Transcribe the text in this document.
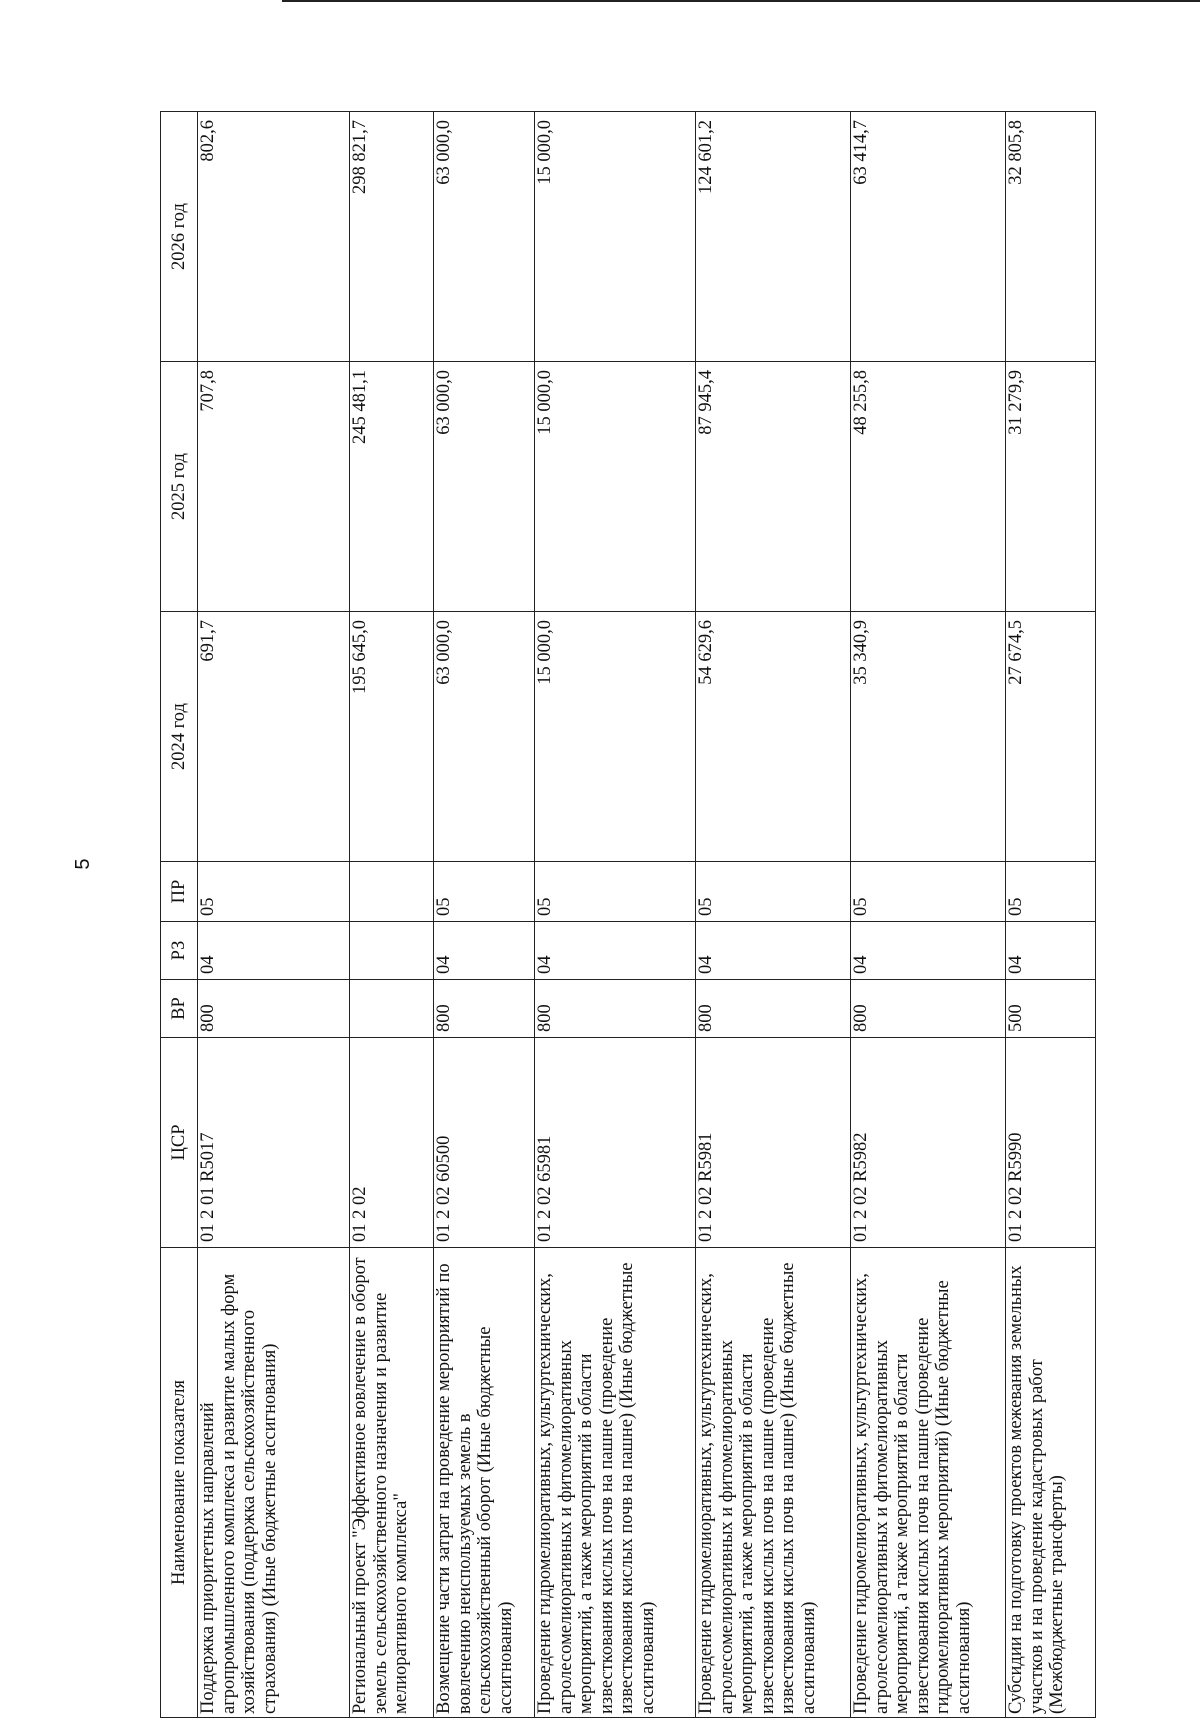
5
Наименование показателя	ЦСР	ВР	РЗ	ПР	2024 год	2025 год	2026 год
Поддержка приоритетных направлений агропромышленного комплекса и развитие малых форм хозяйствования (поддержка сельскохозяйственного страхования) (Иные бюджетные ассигнования)	01 2 01 R5017	800	04	05	691,7	707,8	802,6
Региональный проект "Эффективное вовлечение в оборот земель сельскохозяйственного назначения и развитие мелиоративного комплекса"	01 2 02				195 645,0	245 481,1	298 821,7
Возмещение части затрат на проведение мероприятий по вовлечению неиспользуемых земель в сельскохозяйственный оборот (Иные бюджетные ассигнования)	01 2 02 60500	800	04	05	63 000,0	63 000,0	63 000,0
Проведение гидромелиоративных, культуртехнических, агролесомелиоративных и фитомелиоративных мероприятий, а также мероприятий в области известкования кислых почв на пашне (проведение известкования кислых почв на пашне) (Иные бюджетные ассигнования)	01 2 02 65981	800	04	05	15 000,0	15 000,0	15 000,0
Проведение гидромелиоративных, культуртехнических, агролесомелиоративных и фитомелиоративных мероприятий, а также мероприятий в области известкования кислых почв на пашне (проведение известкования кислых почв на пашне) (Иные бюджетные ассигнования)	01 2 02 R5981	800	04	05	54 629,6	87 945,4	124 601,2
Проведение гидромелиоративных, культуртехнических, агролесомелиоративных и фитомелиоративных мероприятий, а также мероприятий в области известкования кислых почв на пашне (проведение гидромелиоративных мероприятий) (Иные бюджетные ассигнования)	01 2 02 R5982	800	04	05	35 340,9	48 255,8	63 414,7
Субсидии на подготовку проектов межевания земельных участков и на проведение кадастровых работ (Межбюджетные трансферты)	01 2 02 R5990	500	04	05	27 674,5	31 279,9	32 805,8
